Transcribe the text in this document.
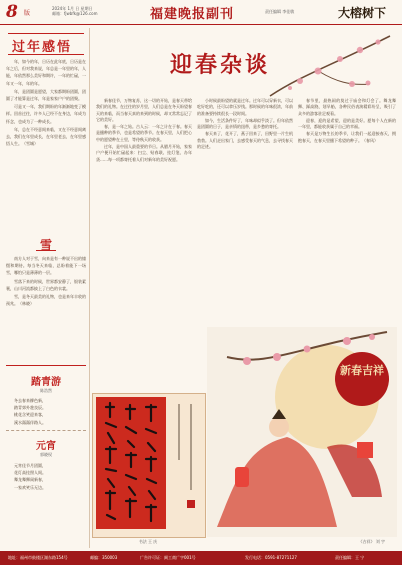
8 版
2024年 1月 日 星期日
邮箱：fjwbfk@126.com	福建晚报副刊	责任编辑 李佳敏	大榕树下
过年感悟

年，如今的年，日历在此年底，日历是在年之后，但对我来说，年总是一年里的年，人能，年依然那么美好和期许，一年的忙碌，一年又一年，年的年。

年，是团圆是愿望，大家都期盼团圆，团圆了才能算是过年，年是家家户户的团聚。

可是又一年，我们期盼的年渐渐地变了模样。回首过往，许多人已经不在身边，年成为怀念，也成为了一种成长。

年，总在不经意间来临，又在不经意间离去，我们在年里成长，在年里老去，在年里感悟人生。（雪城）

雪

南方人对于雪，向来是有一种说不出的憧憬和期待。每当冬天来临，总盼着能下一场雪，哪怕只是薄薄的一层。

雪落下来的时候，世界都安静了，银装素裹，山川河流都披上了白色的衣裳。

雪，是冬天最美的礼物，也是来年丰收的预兆。（林晓）

踏青游
陈浩然
冬去春来柳色新，
踏青郊外趁良辰。
桃花含笑迎来客，
溪水潺潺伴路人。
元宵
郭晓权
元宵佳节月团圆，
花灯高挂照人间。
舞龙舞狮闹新春，
一家欢笑乐无边。
迎春杂谈

新春佳节，万物复苏，这一切的开始，是春天带给我们的礼物。在过往的岁月里，人们总是在冬天盼望春天的来临，而当春天真的来到的时候，却又常常忘记了它的美好。

春，是一年之始。古人云：一年之计在于春。春天是播种的季节，也是希望的季节。在春天里，人们把心中的愿望种在土里，等待秋天的收获。

过年，是中国人最重要的节日。从腊月开始，家家户户便开始忙碌起来：扫尘、贴春联、挂灯笼、办年货……每一项都寄托着人们对新年的美好祝愿。

小时候最盼望的就是过年。过年可以穿新衣，可以吃好吃的，还可以拿压岁钱。那时候的年味很浓，年前的准备要持续很长一段时间。

如今，生活条件好了，年味却似乎淡了。但年依然是团圆的日子，是亲情的纽带，是乡愁的寄托。

春天来了，花开了，燕子回来了，田野里一片生机勃勃。人们走出家门，去感受春天的气息，去寻找春天的足迹。

春节里，最热闹的莫过于庙会和灯会了。舞龙舞狮、踩高跷、划旱船，各种民俗表演精彩纷呈，吸引了众多的游客驻足观看。

迎春，迎的是希望，迎的是美好。愿每个人在新的一年里，都能收获属于自己的幸福。

春天是万物生长的季节，让我们一起迎接春天，拥抱春天，在春天里播下希望的种子。（春风）

书法 王 庆
新春吉祥
《吉祥》 刘 宇
地址：福州市鼓楼区湖东路154号	邮编：350003	广告许可证：闽工商广字001号	发行电话：0591-87271127	责任编辑：王 宁
